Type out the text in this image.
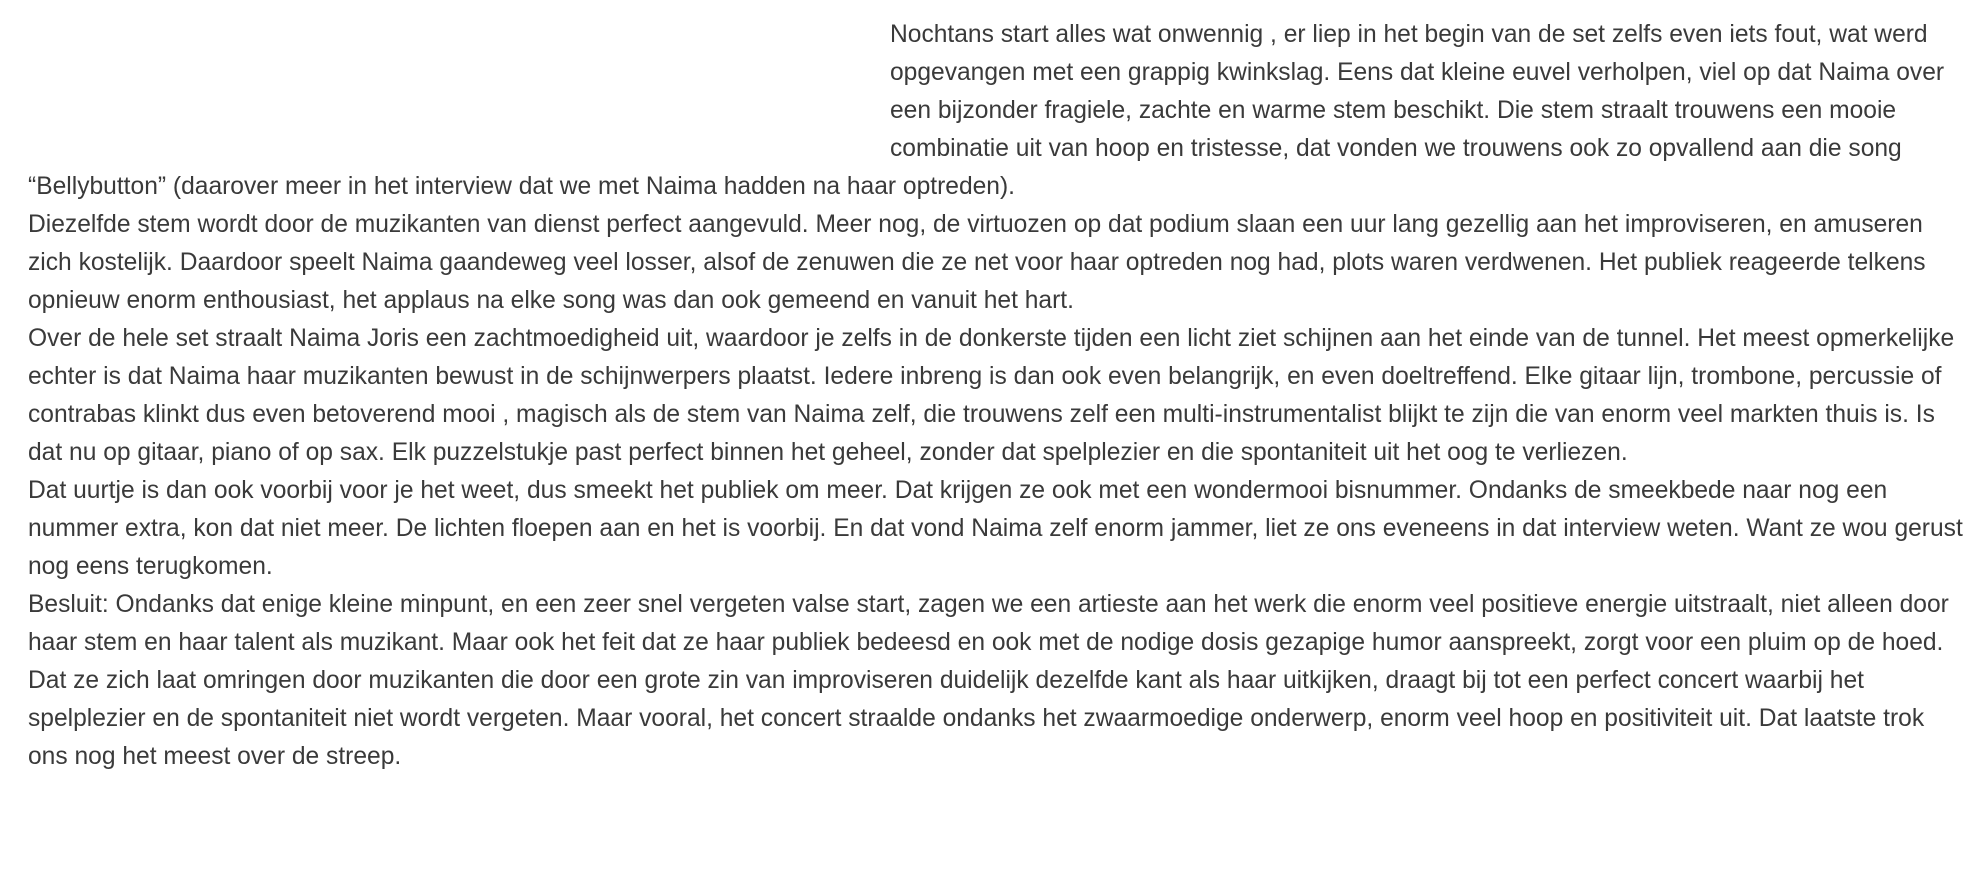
Nochtans start alles wat onwennig , er liep in het begin van de set zelfs even iets fout, wat werd opgevangen met een grappig kwinkslag. Eens dat kleine euvel verholpen, viel op dat Naima over een bijzonder fragiele, zachte en warme stem beschikt. Die stem straalt trouwens een mooie combinatie uit van hoop en tristesse, dat vonden we trouwens ook zo opvallend aan die song “Bellybutton” (daarover meer in het interview dat we met Naima hadden na haar optreden).

Diezelfde stem wordt door de muzikanten van dienst perfect aangevuld. Meer nog, de virtuozen op dat podium slaan een uur lang gezellig aan het improviseren, en amuseren zich kostelijk. Daardoor speelt Naima gaandeweg veel losser, alsof de zenuwen die ze net voor haar optreden nog had, plots waren verdwenen. Het publiek reageerde telkens opnieuw enorm enthousiast, het applaus na elke song was dan ook gemeend en vanuit het hart.

Over de hele set straalt Naima Joris een zachtmoedigheid uit, waardoor je zelfs in de donkerste tijden een licht ziet schijnen aan het einde van de tunnel. Het meest opmerkelijke echter is dat Naima haar muzikanten bewust in de schijnwerpers plaatst. Iedere inbreng is dan ook even belangrijk, en even doeltreffend. Elke gitaar lijn, trombone, percussie of contrabas klinkt dus even betoverend mooi , magisch als de stem van Naima zelf, die trouwens zelf een multi-instrumentalist blijkt te zijn die van enorm veel markten thuis is. Is dat nu op gitaar, piano of op sax. Elk puzzelstukje past perfect binnen het geheel, zonder dat spelplezier en die spontaniteit uit het oog te verliezen.

Dat uurtje is dan ook voorbij voor je het weet, dus smeekt het publiek om meer. Dat krijgen ze ook met een wondermooi bisnummer. Ondanks de smeekbede naar nog een nummer extra, kon dat niet meer. De lichten floepen aan en het is voorbij. En dat vond Naima zelf enorm jammer, liet ze ons eveneens in dat interview weten. Want ze wou gerust nog eens terugkomen.

Besluit: Ondanks dat enige kleine minpunt, en een zeer snel vergeten valse start, zagen we een artieste aan het werk die enorm veel positieve energie uitstraalt, niet alleen door haar stem en haar talent als muzikant. Maar ook het feit dat ze haar publiek bedeesd en ook met de nodige dosis gezapige humor aanspreekt, zorgt voor een pluim op de hoed.

Dat ze zich laat omringen door muzikanten die door een grote zin van improviseren duidelijk dezelfde kant als haar uitkijken, draagt bij tot een perfect concert waarbij het spelplezier en de spontaniteit niet wordt vergeten. Maar vooral, het concert straalde ondanks het zwaarmoedige onderwerp, enorm veel hoop en positiviteit uit. Dat laatste trok ons nog het meest over de streep.
